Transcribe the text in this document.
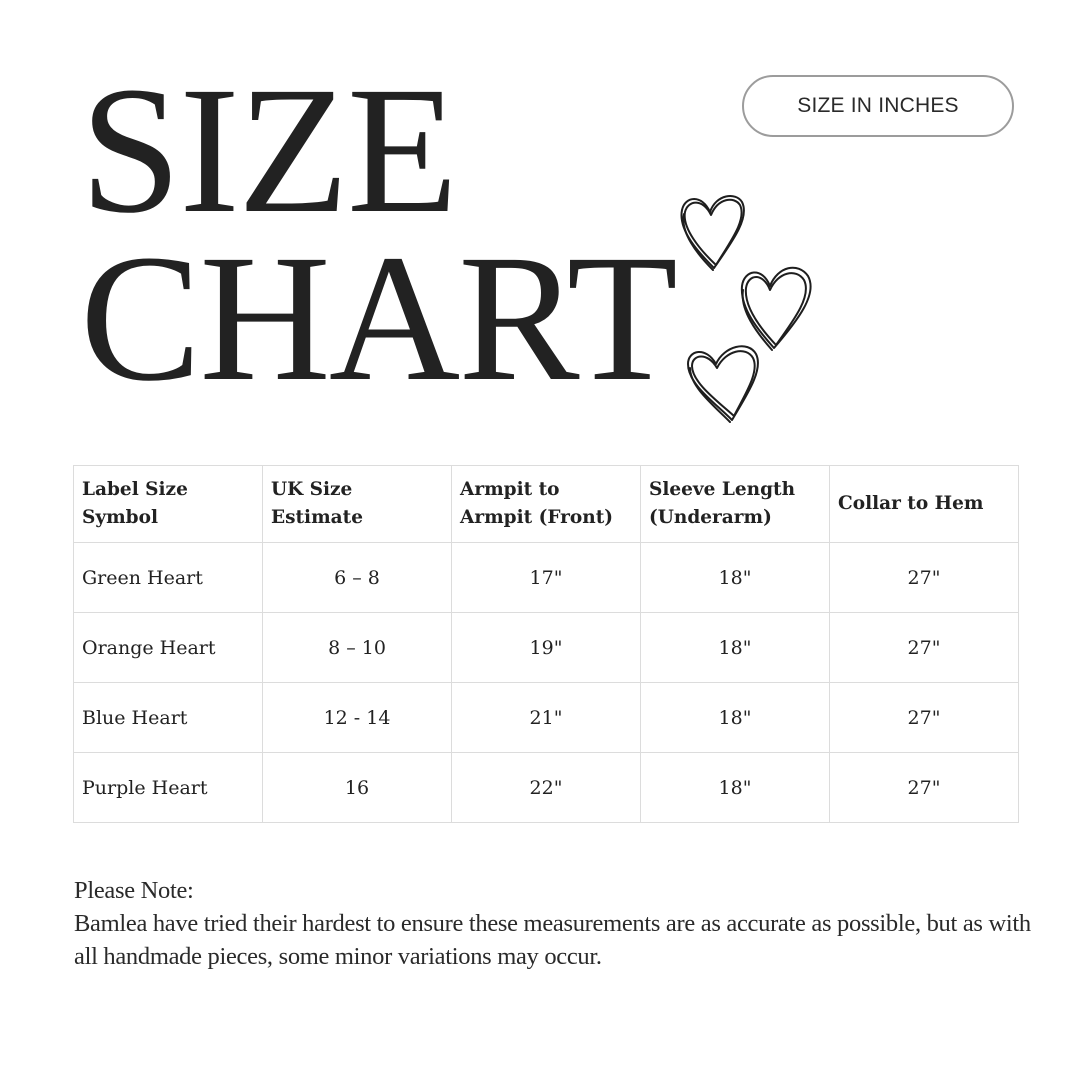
SIZE
CHART
SIZE IN INCHES
Label Size Symbol	UK Size Estimate	Armpit to Armpit (Front)	Sleeve Length (Underarm)	Collar to Hem
Green Heart	6 – 8	17"	18"	27"
Orange Heart	8 – 10	19"	18"	27"
Blue Heart	12 - 14	21"	18"	27"
Purple Heart	16	22"	18"	27"

Please Note:

Bamlea have tried their hardest to ensure these measurements are as accurate as possible, but as with all handmade pieces, some minor variations may occur.
